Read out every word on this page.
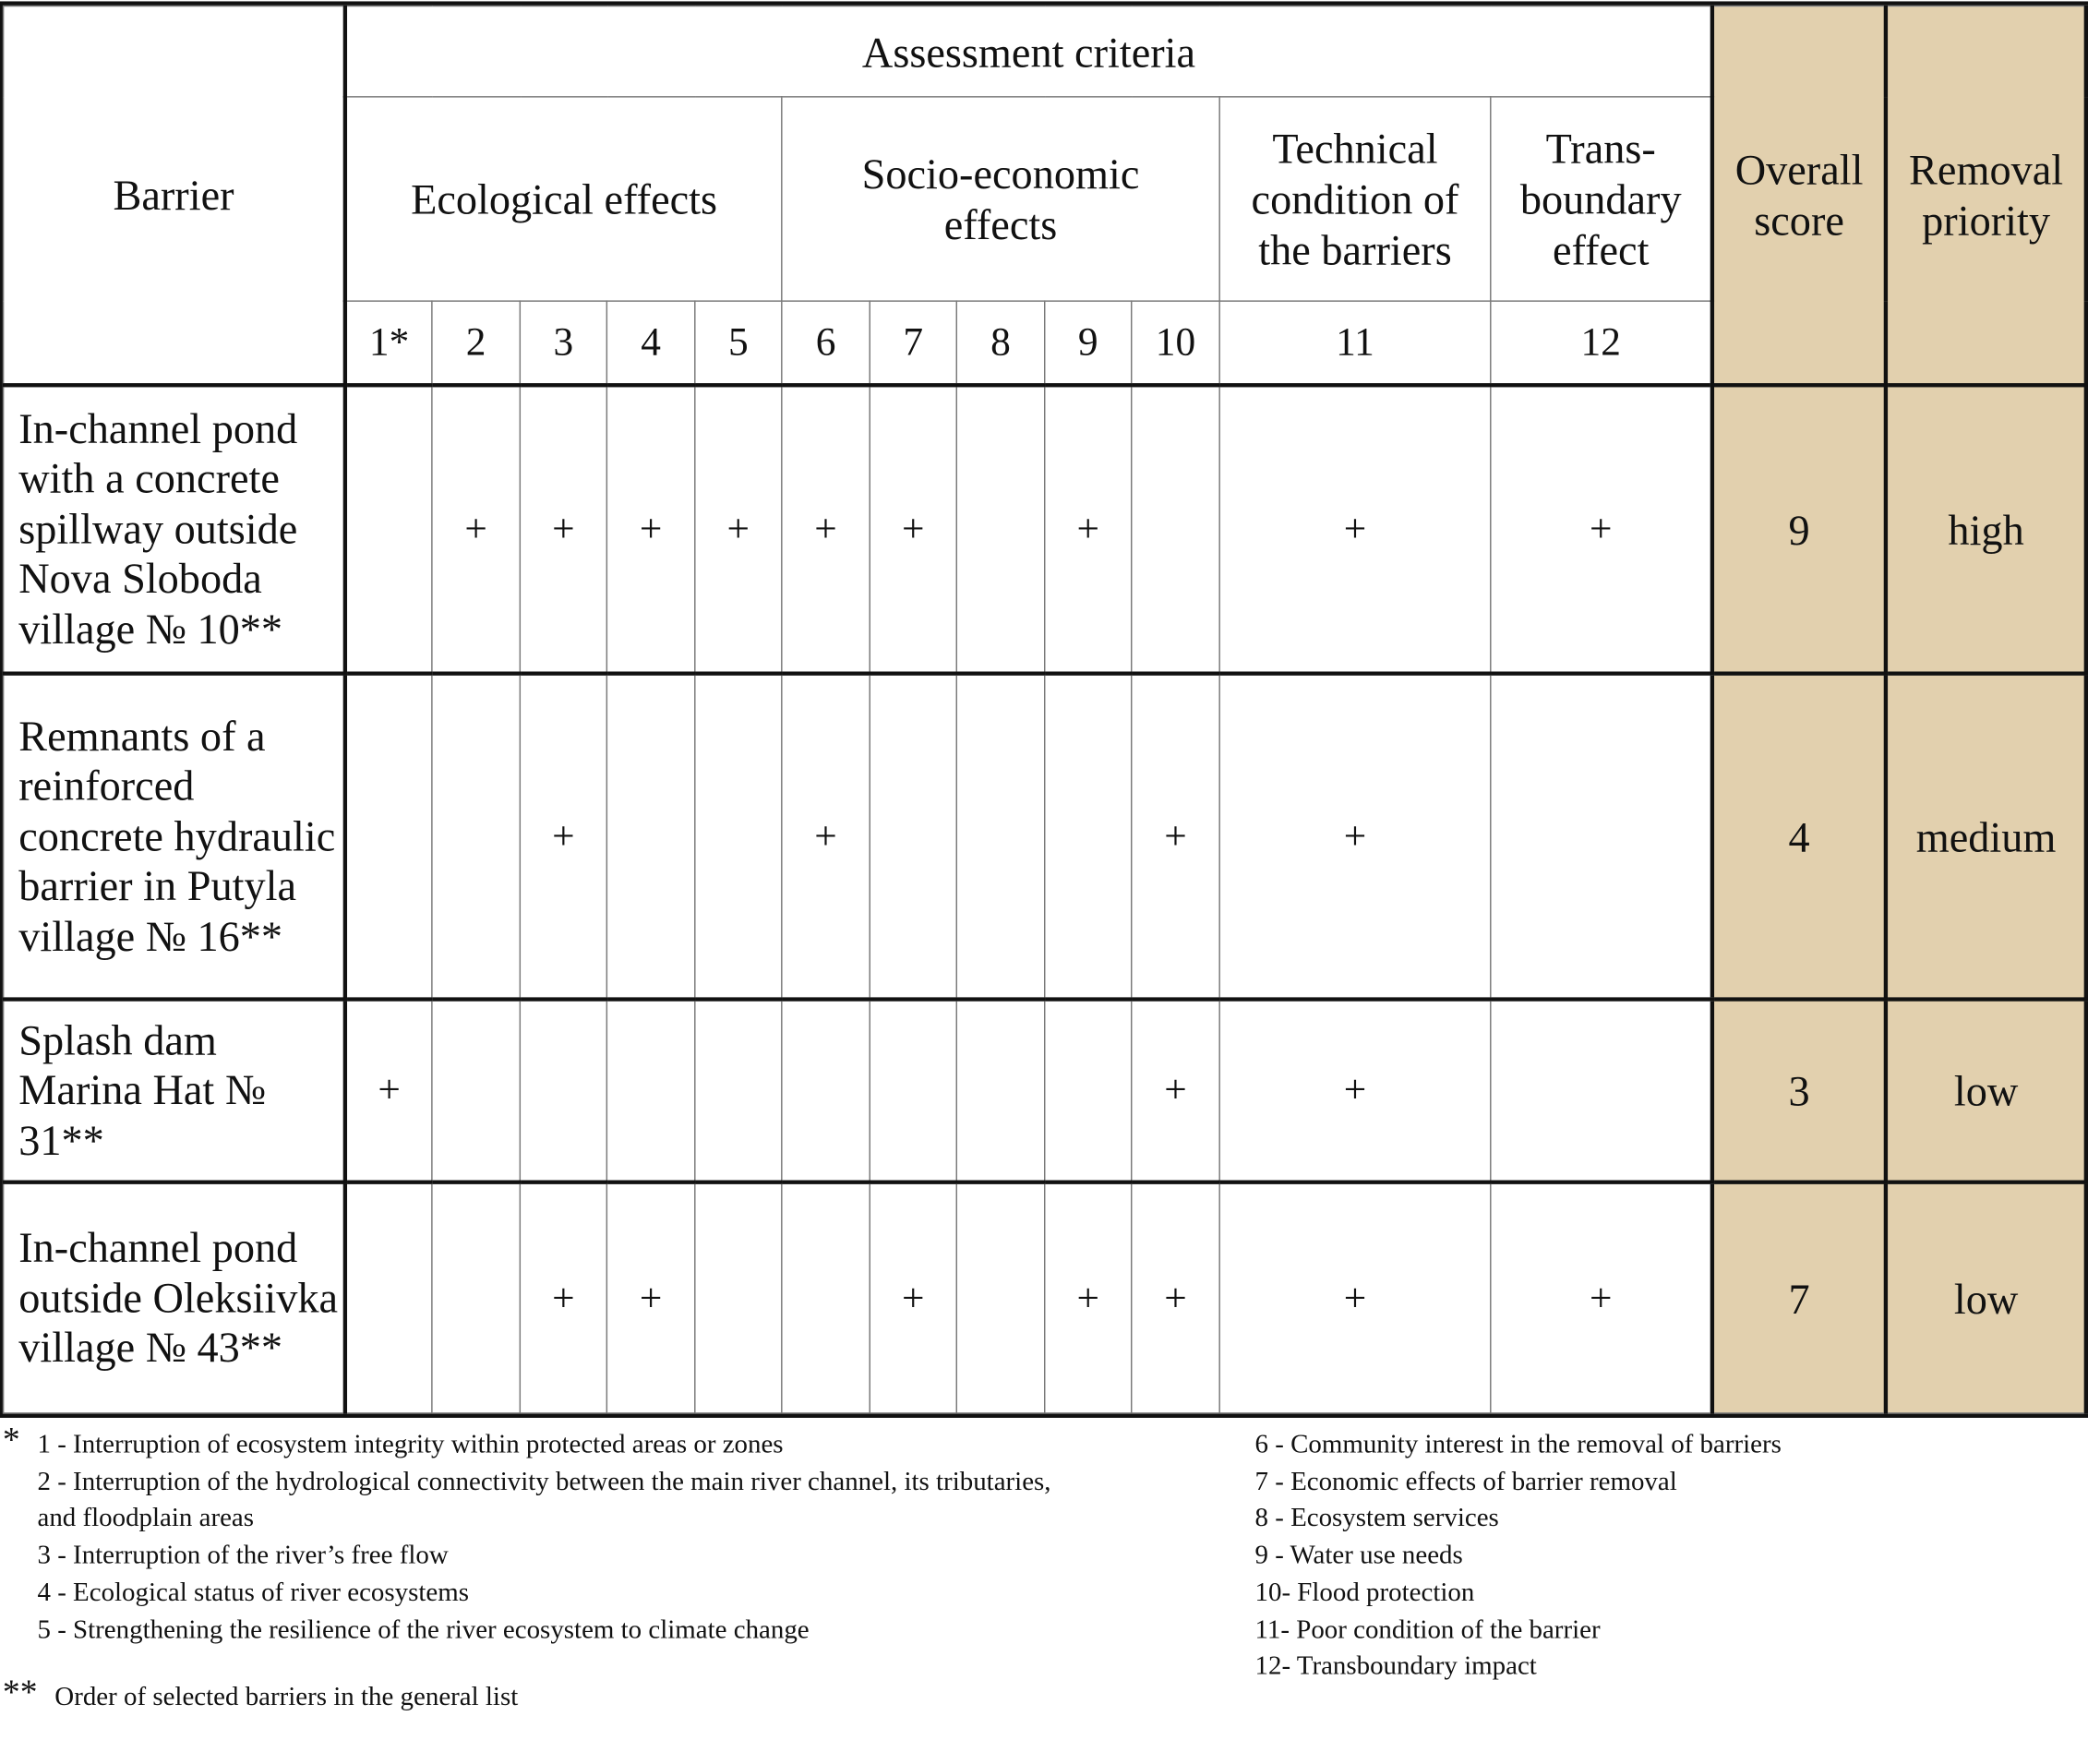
Barrier	Assessment criteria												Overall score	Removal priority
	Ecological effects					Socio-economic effects					Technical condition of the barriers	Trans-boundary effect		
	1*	2	3	4	5	6	7	8	9	10	11	12		
In-channel pond with a concrete spillway outside Nova Sloboda village № 10**		+	+	+	+	+	+		+		+	+	9	high
Remnants of a reinforced concrete hydraulic barrier in Putyla village № 16**			+			+				+	+		4	medium
Splash dam Marina Hat № 31**	+									+	+		3	low
In-channel pond outside Oleksiivka village № 43**			+	+			+		+	+	+	+	7	low
* 1 - Interruption of ecosystem integrity within protected areas or zones
2 - Interruption of the hydrological connectivity between the main river channel, its tributaries,
and floodplain areas
3 - Interruption of the river’s free flow
4 - Ecological status of river ecosystems
5 - Strengthening the resilience of the river ecosystem to climate change
6 - Community interest in the removal of barriers
7 - Economic effects of barrier removal
8 - Ecosystem services
9 - Water use needs
10- Flood protection
11- Poor condition of the barrier
12- Transboundary impact
** Order of selected barriers in the general list
